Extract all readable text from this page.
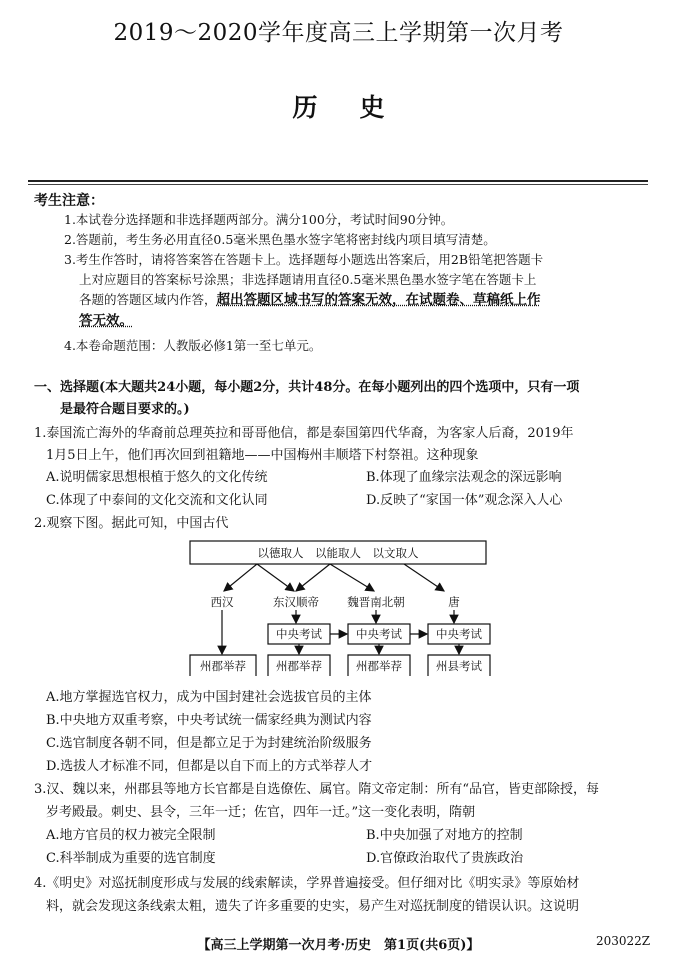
2019～2020学年度高三上学期第一次月考
历史
考生注意：
1.本试卷分选择题和非选择题两部分。满分100分，考试时间90分钟。
2.答题前，考生务必用直径0.5毫米黑色墨水签字笔将密封线内项目填写清楚。
3.考生作答时，请将答案答在答题卡上。选择题每小题选出答案后，用2B铅笔把答题卡
上对应题目的答案标号涂黑；非选择题请用直径0.5毫米黑色墨水签字笔在答题卡上
各题的答题区域内作答，超出答题区域书写的答案无效，在试题卷、草稿纸上作
答无效。
4.本卷命题范围：人教版必修1第一至七单元。
一、选择题(本大题共24小题，每小题2分，共计48分。在每小题列出的四个选项中，只有一项
是最符合题目要求的。)
1.泰国流亡海外的华裔前总理英拉和哥哥他信，都是泰国第四代华裔，为客家人后裔，2019年
1月5日上午，他们再次回到祖籍地——中国梅州丰顺塔下村祭祖。这种现象
A.说明儒家思想根植于悠久的文化传统	B.体现了血缘宗法观念的深远影响
C.体现了中泰间的文化交流和文化认同	D.反映了“家国一体”观念深入人心
2.观察下图。据此可知，中国古代
以德取人　以能取人　以文取人
西汉	东汉顺帝 魏晋南北朝	唐
中央考试	中央考试	中央考试
州郡举荐	州郡举荐	州郡举荐	州县考试
A.地方掌握选官权力，成为中国封建社会选拔官员的主体
B.中央地方双重考察，中央考试统一儒家经典为测试内容
C.选官制度各朝不同，但是都立足于为封建统治阶级服务
D.选拔人才标准不同，但都是以自下而上的方式举荐人才
3.汉、魏以来，州郡县等地方长官都是自选僚佐、属官。隋文帝定制：所有“品官，皆吏部除授，每
岁考殿最。刺史、县令，三年一迁；佐官，四年一迁。”这一变化表明，隋朝
A.地方官员的权力被完全限制	B.中央加强了对地方的控制
C.科举制成为重要的选官制度	D.官僚政治取代了贵族政治
4.《明史》对巡抚制度形成与发展的线索解读，学界普遍接受。但仔细对比《明实录》等原始材
料，就会发现这条线索太粗，遗失了许多重要的史实，易产生对巡抚制度的错误认识。这说明
【高三上学期第一次月考·历史　第1页(共6页)】	203022Z
